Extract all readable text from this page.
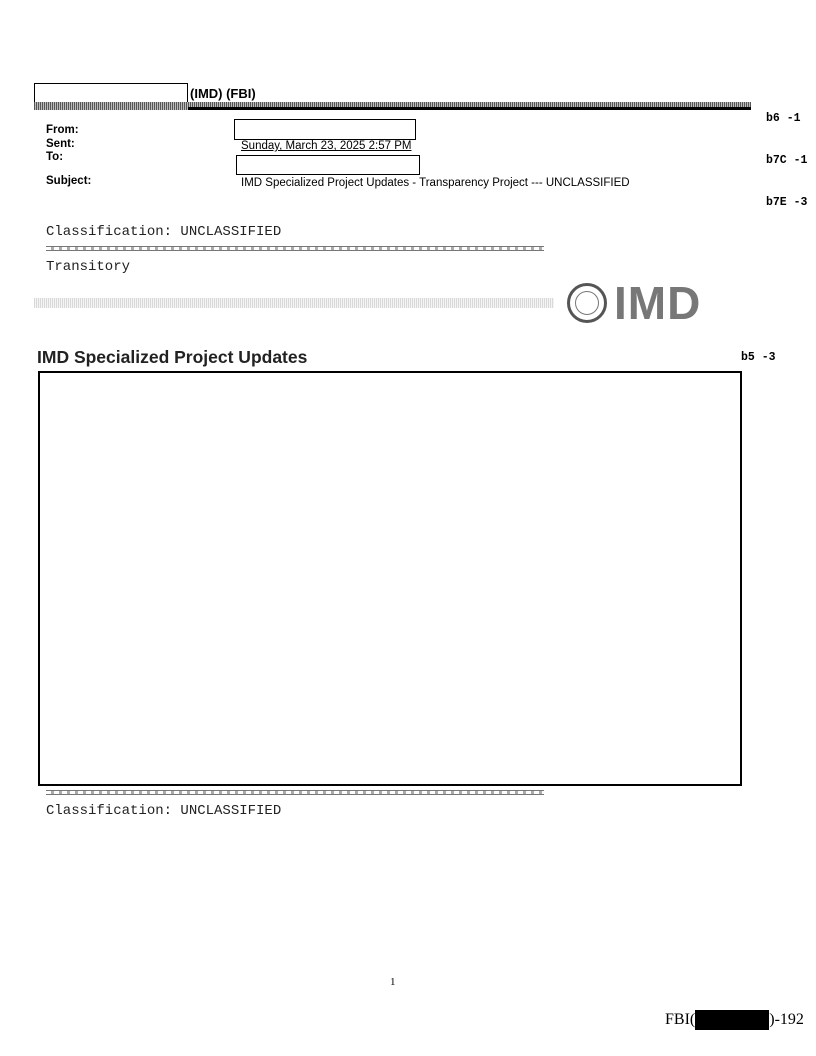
(IMD) (FBI)

b6 -1

b7C -1

b7E -3

From:
Sent:	Sunday, March 23, 2025 2:57 PM
To:
Subject:	IMD Specialized Project Updates - Transparency Project --- UNCLASSIFIED
Classification: UNCLASSIFIED
Transitory
IMD
IMD Specialized Project Updates	b5 -3
Classification: UNCLASSIFIED
1
FBI(	)-192
